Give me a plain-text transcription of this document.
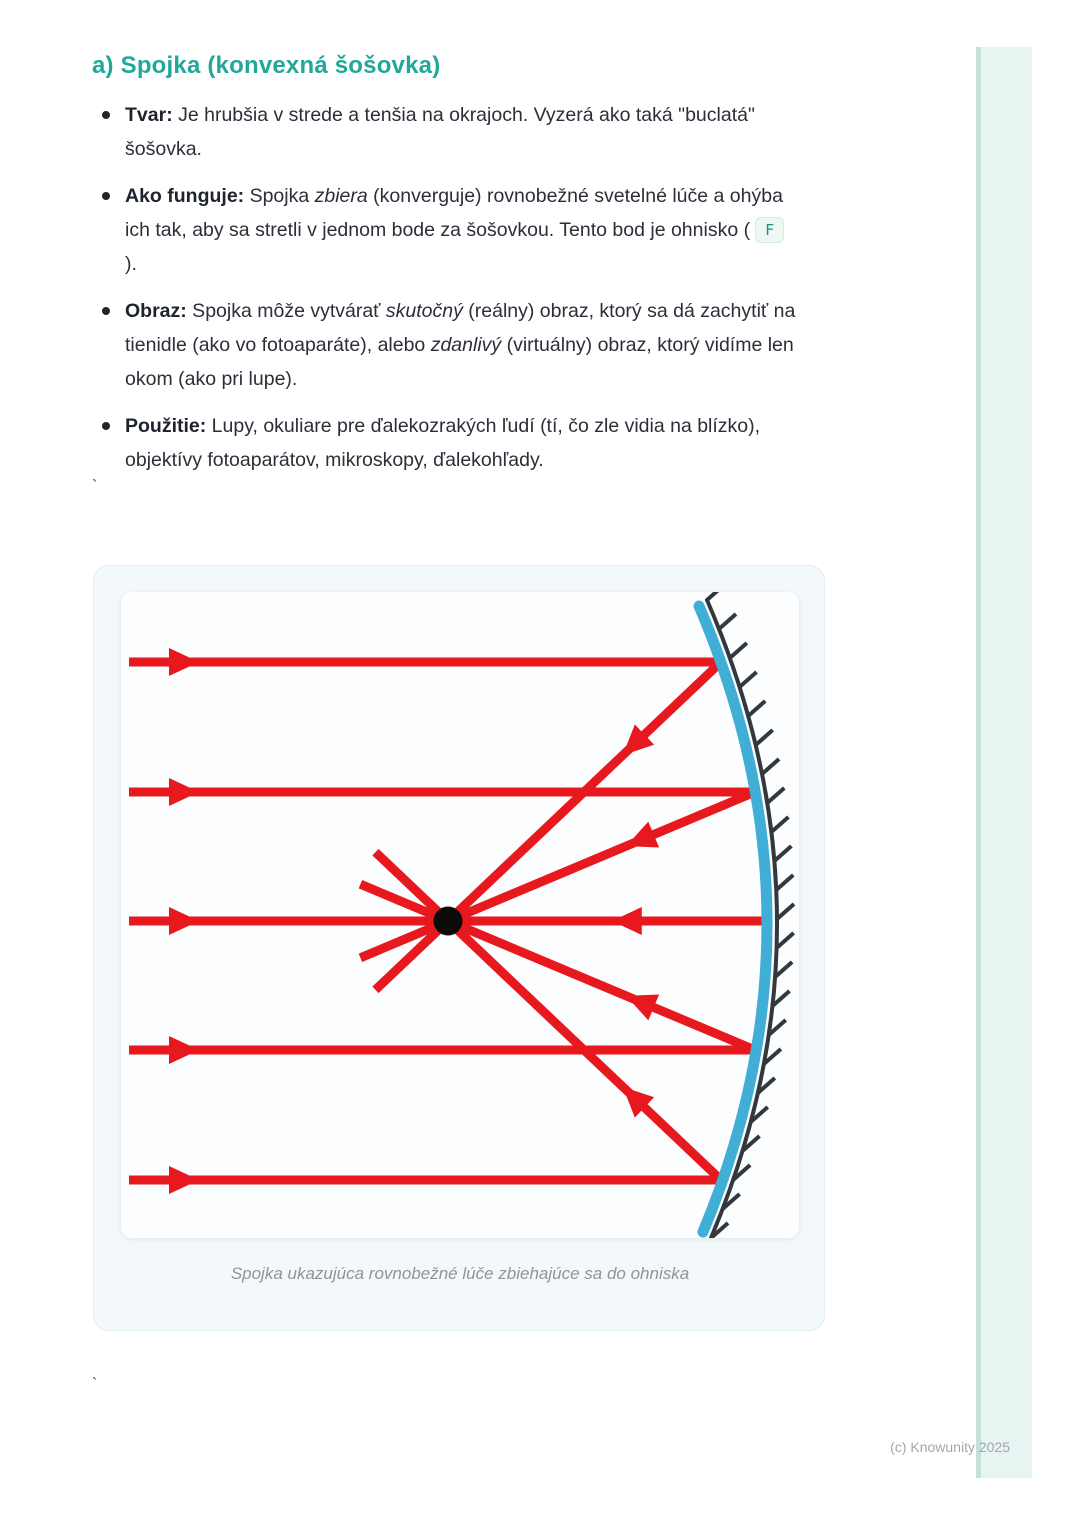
a) Spojka (konvexná šošovka)
Tvar: Je hrubšia v strede a tenšia na okrajoch. Vyzerá ako taká "buclatá" šošovka.
Ako funguje: Spojka zbiera (konverguje) rovnobežné svetelné lúče a ohýba ich tak, aby sa stretli v jednom bode za šošovkou. Tento bod je ohnisko ( F ).
Obraz: Spojka môže vytvárať skutočný (reálny) obraz, ktorý sa dá zachytiť na tienidle (ako vo fotoaparáte), alebo zdanlivý (virtuálny) obraz, ktorý vidíme len okom (ako pri lupe).
Použitie: Lupy, okuliare pre ďalekozrakých ľudí (tí, čo zle vidia na blízko), objektívy fotoaparátov, mikroskopy, ďalekohľady.
`
Spojka ukazujúca rovnobežné lúče zbiehajúce sa do ohniska
`
(c) Knowunity 2025
